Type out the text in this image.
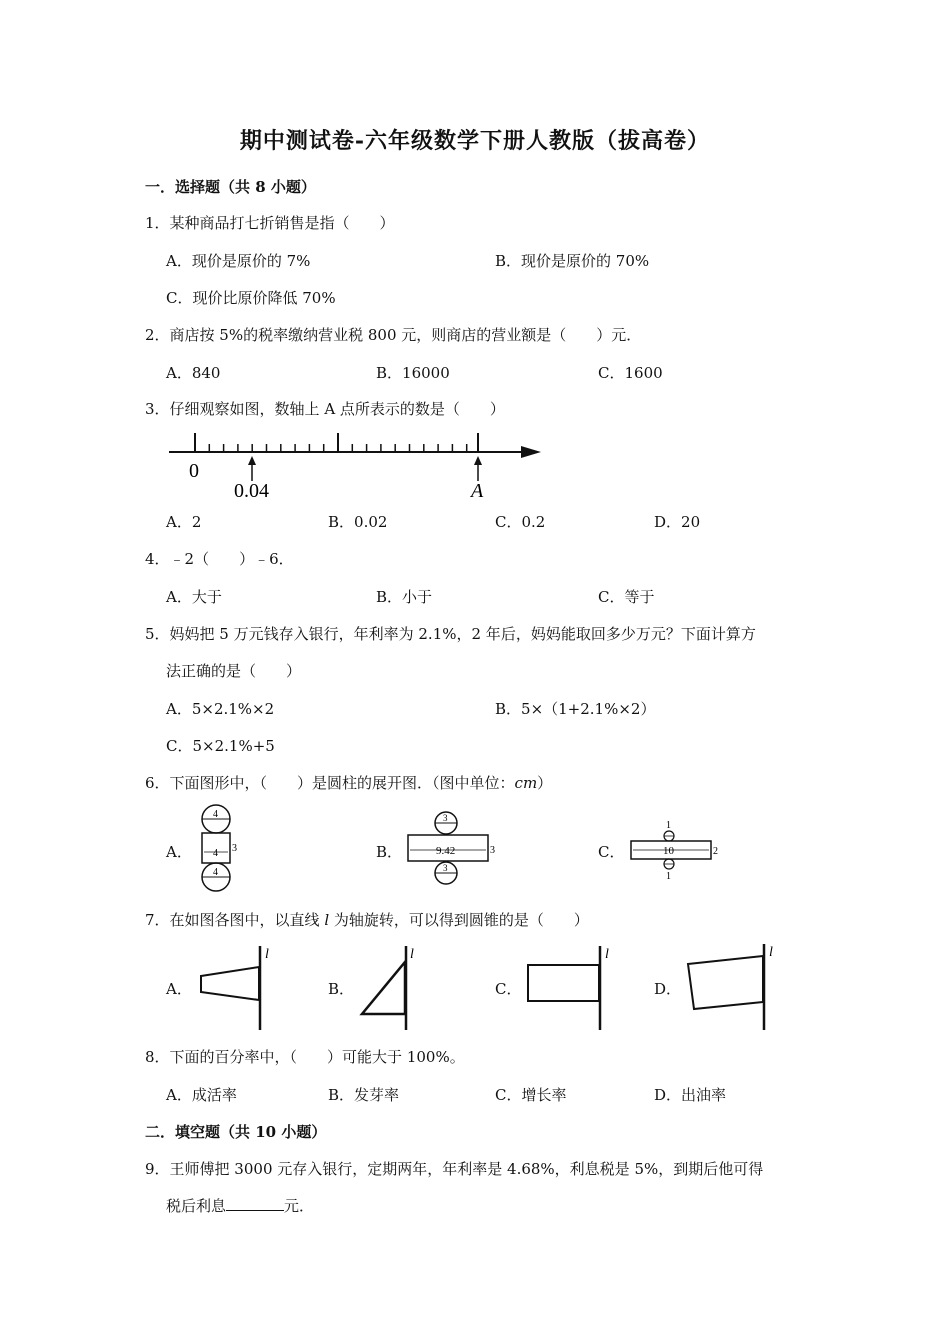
期中测试卷-六年级数学下册人教版（拔高卷）
一．选择题（共 8 小题）
1．某种商品打七折销售是指（　　）
A．现价是原价的 7%	B．现价是原价的 70%
C．现价比原价降低 70%
2．商店按 5%的税率缴纳营业税 800 元，则商店的营业额是（　　）元．
A．840	B．16000	C．1600
3．仔细观察如图，数轴上 A 点所表示的数是（　　）
0
0.04	A
A．2	B．0.02	C．0.2	D．20
4．﹣2（　　）﹣6．
A．大于	B．小于	C．等于
5．妈妈把 5 万元钱存入银行，年利率为 2.1%，2 年后，妈妈能取回多少万元？下面计算方
法正确的是（　　）
A．5×2.1%×2	B．5×（1+2.1%×2）
C．5×2.1%+5
6．下面图形中，（　　）是圆柱的展开图．（图中单位：cm）
A．	B．	C．
4
4 3
4
3
9.42	3
3
1
10	2
1
7．在如图各图中，以直线 l 为轴旋转，可以得到圆锥的是（　　）
A．	B．	C．	D．
l	l	l	l
8．下面的百分率中，（　　）可能大于 100%。
A．成活率	B．发芽率	C．增长率	D．出油率
二．填空题（共 10 小题）
9．王师傅把 3000 元存入银行，定期两年，年利率是 4.68%，利息税是 5%，到期后他可得
税后利息	元．
